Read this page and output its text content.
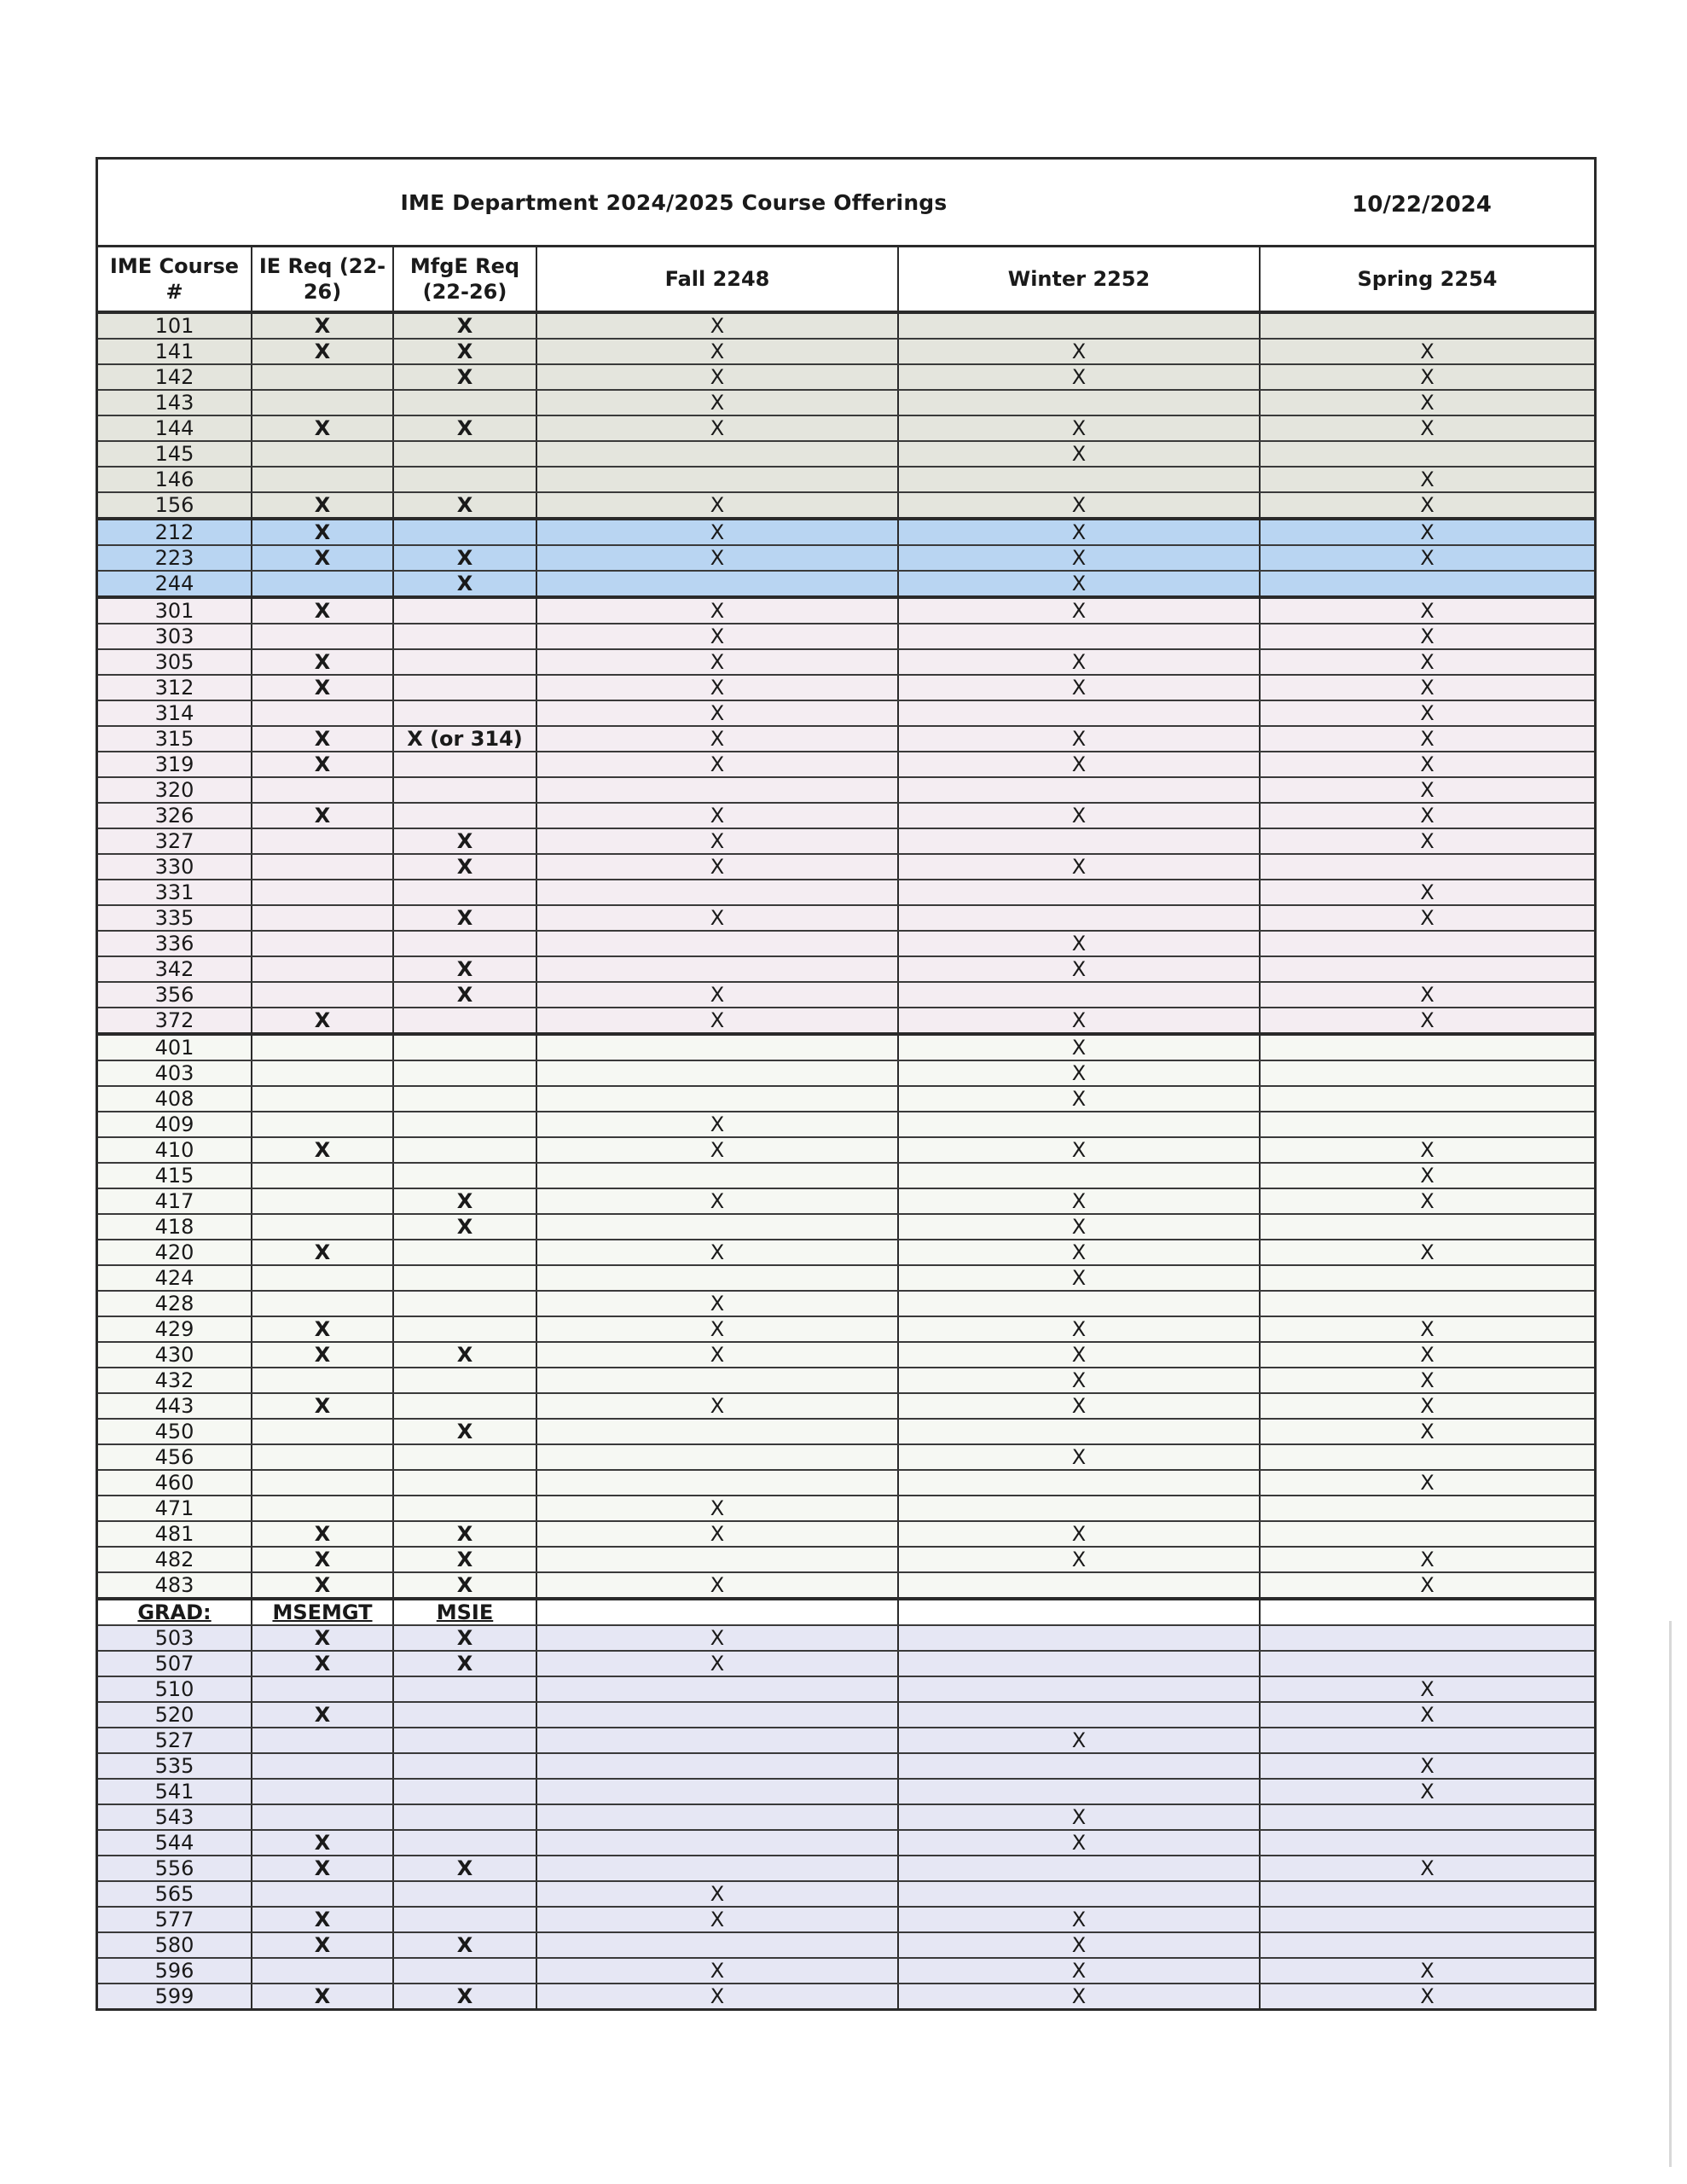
IME Department 2024/2025 Course Offerings	10/22/2024
IME Course #	IE Req (22-26)	MfgE Req (22-26)	Fall 2248	Winter 2252	Spring 2254
101	X	X	X		
141	X	X	X	X	X
142		X	X	X	X
143			X		X
144	X	X	X	X	X
145				X	
146					X
156	X	X	X	X	X
212	X		X	X	X
223	X	X	X	X	X
244		X		X	
301	X		X	X	X
303			X		X
305	X		X	X	X
312	X		X	X	X
314			X		X
315	X	X (or 314)	X	X	X
319	X		X	X	X
320					X
326	X		X	X	X
327		X	X		X
330		X	X	X	
331					X
335		X	X		X
336				X	
342		X		X	
356		X	X		X
372	X		X	X	X
401				X	
403				X	
408				X	
409			X		
410	X		X	X	X
415					X
417		X	X	X	X
418		X		X	
420	X		X	X	X
424				X	
428			X		
429	X		X	X	X
430	X	X	X	X	X
432				X	X
443	X		X	X	X
450		X			X
456				X	
460					X
471			X		
481	X	X	X	X	
482	X	X		X	X
483	X	X	X		X
GRAD:	MSEMGT	MSIE			
503	X	X	X		
507	X	X	X		
510					X
520	X				X
527				X	
535					X
541					X
543				X	
544	X			X	
556	X	X			X
565			X		
577	X		X	X	
580	X	X		X	
596			X	X	X
599	X	X	X	X	X
